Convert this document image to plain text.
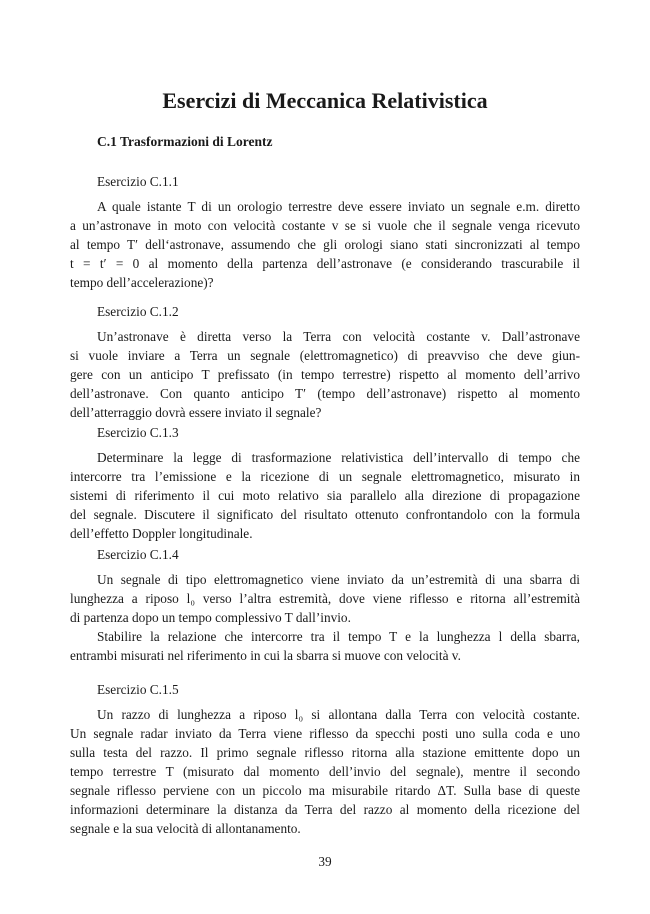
Esercizi di Meccanica Relativistica
C.1 Trasformazioni di Lorentz
Esercizio C.1.1
A quale istante T di un orologio terrestre deve essere inviato un segnale e.m. diretto
a un’astronave in moto con velocità costante v se si vuole che il segnale venga ricevuto
al tempo T′ dell‘astronave, assumendo che gli orologi siano stati sincronizzati al tempo
t = t′ = 0 al momento della partenza dell’astronave (e considerando trascurabile il
tempo dell’accelerazione)?
Esercizio C.1.2
Un’astronave è diretta verso la Terra con velocità costante v. Dall’astronave
si vuole inviare a Terra un segnale (elettromagnetico) di preavviso che deve giun-
gere con un anticipo T prefissato (in tempo terrestre) rispetto al momento dell’arrivo
dell’astronave. Con quanto anticipo T′ (tempo dell’astronave) rispetto al momento
dell’atterraggio dovrà essere inviato il segnale?
Esercizio C.1.3
Determinare la legge di trasformazione relativistica dell’intervallo di tempo che
intercorre tra l’emissione e la ricezione di un segnale elettromagnetico, misurato in
sistemi di riferimento il cui moto relativo sia parallelo alla direzione di propagazione
del segnale. Discutere il significato del risultato ottenuto confrontandolo con la formula
dell’effetto Doppler longitudinale.
Esercizio C.1.4
Un segnale di tipo elettromagnetico viene inviato da un’estremità di una sbarra di
lunghezza a riposo l₀ verso l’altra estremità, dove viene riflesso e ritorna all’estremità
di partenza dopo un tempo complessivo T dall’invio.
Stabilire la relazione che intercorre tra il tempo T e la lunghezza l della sbarra,
entrambi misurati nel riferimento in cui la sbarra si muove con velocità v.
Esercizio C.1.5
Un razzo di lunghezza a riposo l₀ si allontana dalla Terra con velocità costante.
Un segnale radar inviato da Terra viene riflesso da specchi posti uno sulla coda e uno
sulla testa del razzo. Il primo segnale riflesso ritorna alla stazione emittente dopo un
tempo terrestre T (misurato dal momento dell’invio del segnale), mentre il secondo
segnale riflesso perviene con un piccolo ma misurabile ritardo ΔT. Sulla base di queste
informazioni determinare la distanza da Terra del razzo al momento della ricezione del
segnale e la sua velocità di allontanamento.
39
